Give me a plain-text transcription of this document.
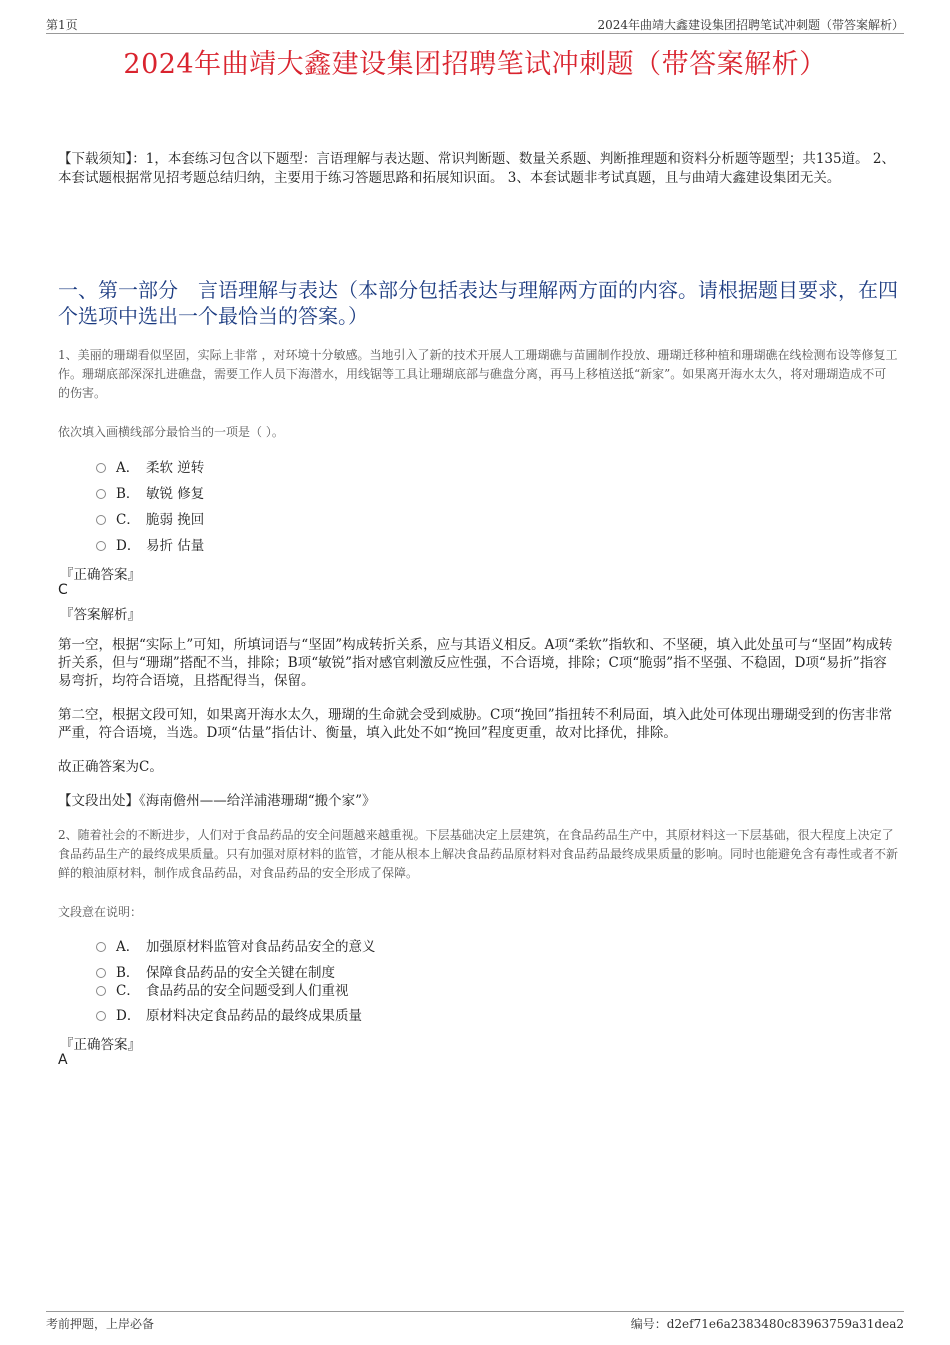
第1页	2024年曲靖大鑫建设集团招聘笔试冲刺题（带答案解析）
2024年曲靖大鑫建设集团招聘笔试冲刺题（带答案解析）
【下载须知】：1，本套练习包含以下题型：言语理解与表达题、常识判断题、数量关系题、判断推理题和资料分析题等题型；共135道。 2、本套试题根据常见招考题总结归纳，主要用于练习答题思路和拓展知识面。 3、本套试题非考试真题，且与曲靖大鑫建设集团无关。
一、第一部分　言语理解与表达（本部分包括表达与理解两方面的内容。请根据题目要求，在四个选项中选出一个最恰当的答案。）
1、美丽的珊瑚看似坚固，实际上非常 ，对环境十分敏感。当地引入了新的技术开展人工珊瑚礁与苗圃制作投放、珊瑚迁移种植和珊瑚礁在线检测布设等修复工作。珊瑚底部深深扎进礁盘，需要工作人员下海潜水，用线锯等工具让珊瑚底部与礁盘分离，再马上移植送抵“新家”。如果离开海水太久，将对珊瑚造成不可 的伤害。
依次填入画横线部分最恰当的一项是（ ）。
A． 柔软 逆转
B． 敏锐 修复
C． 脆弱 挽回
D． 易折 估量
『正确答案』
C
『答案解析』
第一空，根据“实际上”可知，所填词语与“坚固”构成转折关系，应与其语义相反。A项“柔软”指软和、不坚硬，填入此处虽可与“坚固”构成转折关系，但与“珊瑚”搭配不当，排除；B项“敏锐”指对感官刺激反应性强，不合语境，排除；C项“脆弱”指不坚强、不稳固，D项“易折”指容易弯折，均符合语境，且搭配得当，保留。
第二空，根据文段可知，如果离开海水太久，珊瑚的生命就会受到威胁。C项“挽回”指扭转不利局面，填入此处可体现出珊瑚受到的伤害非常严重，符合语境，当选。D项“估量”指估计、衡量，填入此处不如“挽回”程度更重，故对比择优，排除。
故正确答案为C。
【文段出处】《海南儋州——给洋浦港珊瑚“搬个家”》
2、随着社会的不断进步，人们对于食品药品的安全问题越来越重视。下层基础决定上层建筑，在食品药品生产中，其原材料这一下层基础，很大程度上决定了食品药品生产的最终成果质量。只有加强对原材料的监管，才能从根本上解决食品药品原材料对食品药品最终成果质量的影响。同时也能避免含有毒性或者不新鲜的粮油原材料，制作成食品药品，对食品药品的安全形成了保障。
文段意在说明：
A． 加强原材料监管对食品药品安全的意义
B． 保障食品药品的安全关键在制度
C． 食品药品的安全问题受到人们重视
D． 原材料决定食品药品的最终成果质量
『正确答案』
A
考前押题，上岸必备	编号：d2ef71e6a2383480c83963759a31dea2
